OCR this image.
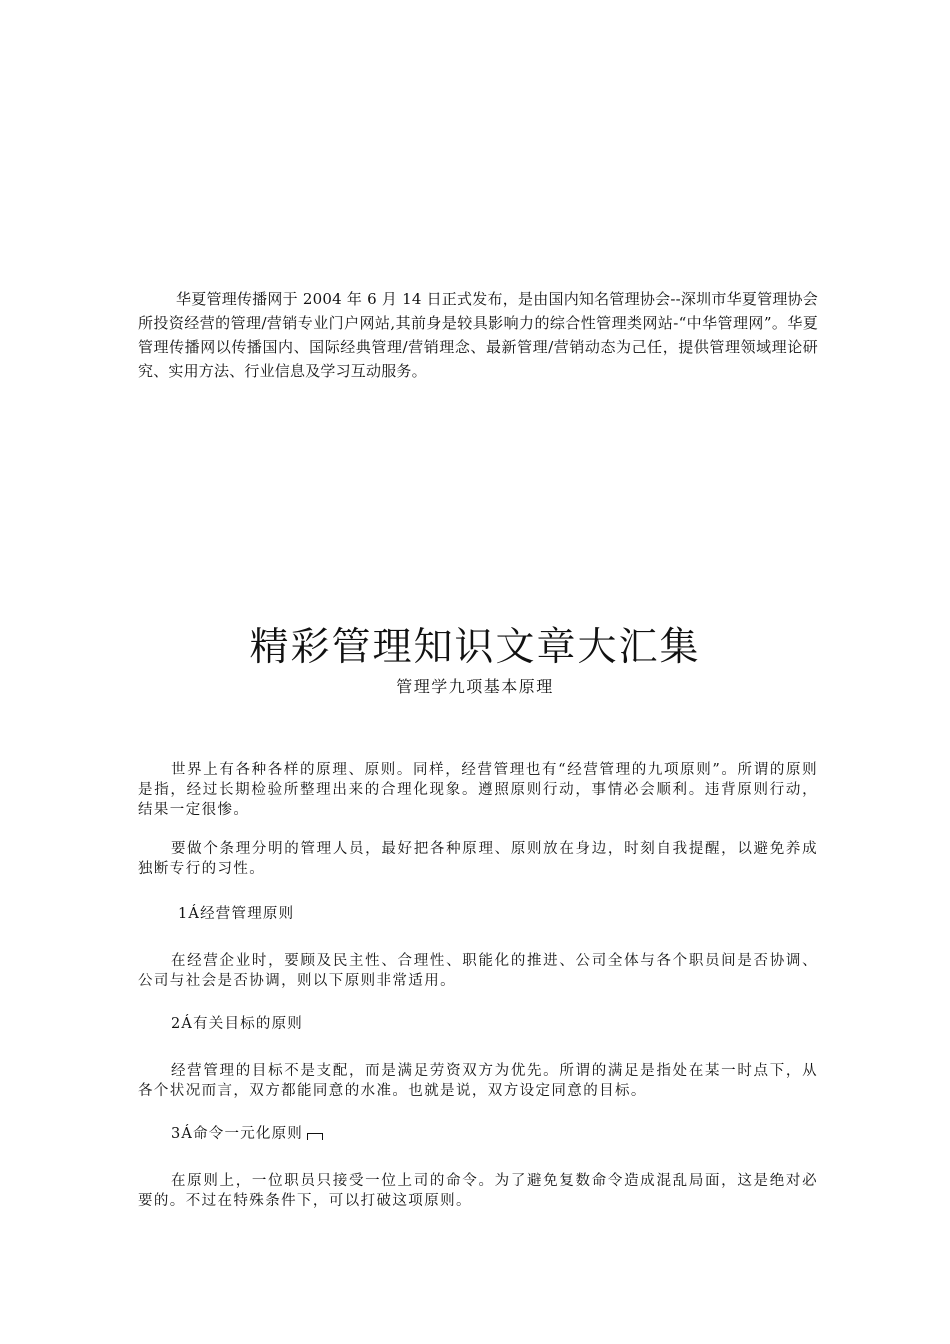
华夏管理传播网于 2004 年 6 月 14 日正式发布，是由国内知名管理协会--深圳市华夏管理协会所投资经营的管理/营销专业门户网站,其前身是较具影响力的综合性管理类网站-“中华管理网”。华夏管理传播网以传播国内、国际经典管理/营销理念、最新管理/营销动态为己任，提供管理领域理论研究、实用方法、行业信息及学习互动服务。

精彩管理知识文章大汇集
管理学九项基本原理

世界上有各种各样的原理、原则。同样，经营管理也有“经营管理的九项原则”。所谓的原则是指，经过长期检验所整理出来的合理化现象。遵照原则行动，事情必会顺利。违背原则行动，结果一定很惨。

要做个条理分明的管理人员，最好把各种原理、原则放在身边，时刻自我提醒，以避免养成独断专行的习性。

1Á经营管理原则

在经营企业时，要顾及民主性、合理性、职能化的推进、公司全体与各个职员间是否协调、公司与社会是否协调，则以下原则非常适用。

2Á有关目标的原则

经营管理的目标不是支配，而是满足劳资双方为优先。所谓的满足是指处在某一时点下，从各个状况而言，双方都能同意的水准。也就是说，双方设定同意的目标。

3Á命令一元化原则

在原则上，一位职员只接受一位上司的命令。为了避免复数命令造成混乱局面，这是绝对必要的。不过在特殊条件下，可以打破这项原则。
